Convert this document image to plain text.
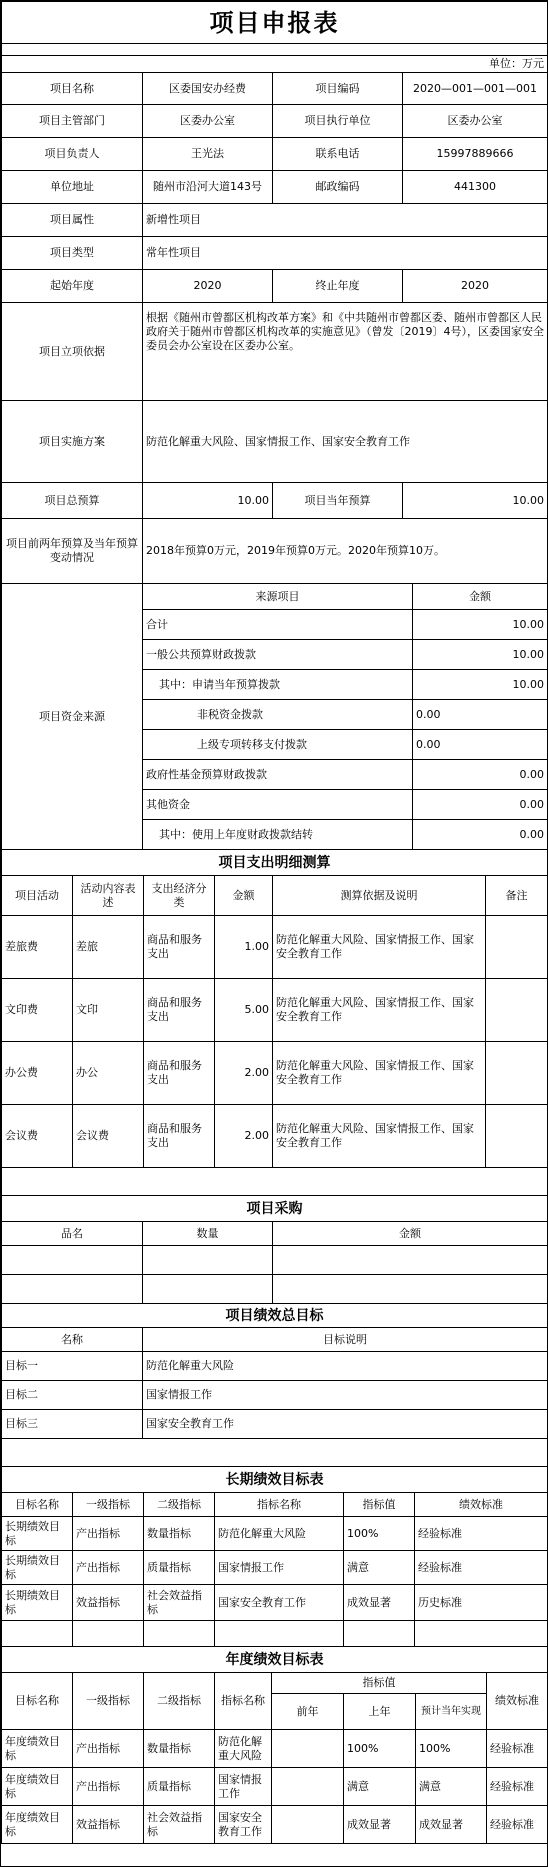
项目申报表			

单位：万元			
项目名称	区委国安办经费	项目编码	2020—001—001—001
项目主管部门	区委办公室	项目执行单位	区委办公室
项目负责人	王光法	联系电话	15997889666
单位地址	随州市沿河大道143号	邮政编码	441300
项目属性	新增性项目		
项目类型	常年性项目		
起始年度	2020	终止年度	2020
项目立项依据	根据《随州市曾都区机构改革方案》和《中共随州市曾都区委、随州市曾都区人民政府关于随州市曾都区机构改革的实施意见》（曾发〔2019〕4号），区委国家安全委员会办公室设在区委办公室。		
项目实施方案	防范化解重大风险、国家情报工作、国家安全教育工作		
项目总预算	10.00	项目当年预算	10.00
项目前两年预算及当年预算变动情况	2018年预算0万元，2019年预算0万元。2020年预算10万。		
项目资金来源	来源项目	金额
	合计	10.00
	一般公共预算财政拨款	10.00
	其中：申请当年预算拨款	10.00
	非税资金拨款	0.00
	上级专项转移支付拨款	0.00
	政府性基金预算财政拨款	0.00
	其他资金	0.00
	其中：使用上年度财政拨款结转	0.00
项目支出明细测算					
项目活动	活动内容表述	支出经济分类	金额	测算依据及说明	备注
差旅费	差旅	商品和服务支出	1.00	防范化解重大风险、国家情报工作、国家安全教育工作	
文印费	文印	商品和服务支出	5.00	防范化解重大风险、国家情报工作、国家安全教育工作	
办公费	办公	商品和服务支出	2.00	防范化解重大风险、国家情报工作、国家安全教育工作	
会议费	会议费	商品和服务支出	2.00	防范化解重大风险、国家情报工作、国家安全教育工作	

项目采购		
品名	数量	金额

项目绩效总目标	
名称	目标说明
目标一	防范化解重大风险
目标二	国家情报工作
目标三	国家安全教育工作

长期绩效目标表					
目标名称	一级指标	二级指标	指标名称	指标值	绩效标准
长期绩效目标	产出指标	数量指标	防范化解重大风险	100%	经验标准
长期绩效目标	产出指标	质量指标	国家情报工作	满意	经验标准
长期绩效目标	效益指标	社会效益指标	国家安全教育工作	成效显著	历史标准

年度绩效目标表							
目标名称	一级指标	二级指标	指标名称	指标值			绩效标准
				前年	上年	预计当年实现	
年度绩效目标	产出指标	数量指标	防范化解重大风险		100%	100%	经验标准
年度绩效目标	产出指标	质量指标	国家情报工作		满意	满意	经验标准
年度绩效目标	效益指标	社会效益指标	国家安全教育工作		成效显著	成效显著	经验标准
